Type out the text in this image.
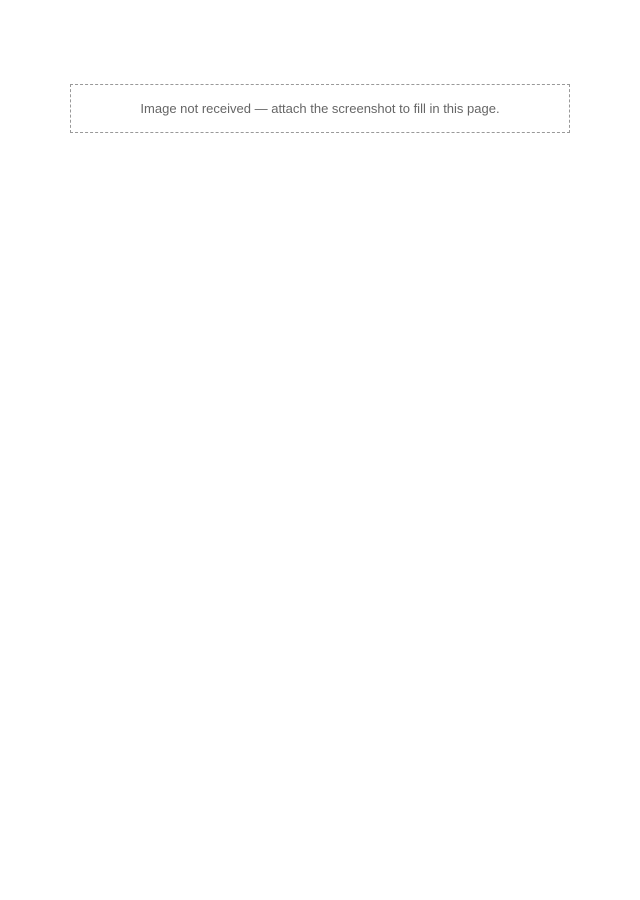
Image not received — attach the screenshot to fill in this page.
